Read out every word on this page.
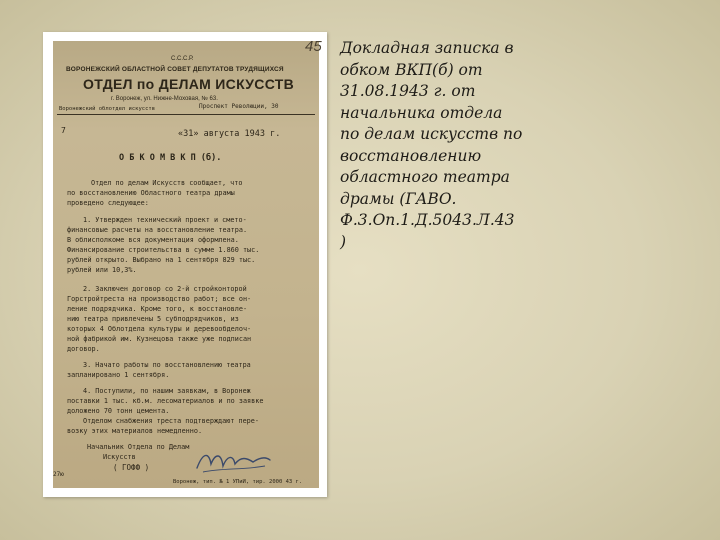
45
С.С.С.Р.
ВОРОНЕЖСКИЙ ОБЛАСТНОЙ СОВЕТ ДЕПУТАТОВ ТРУДЯЩИХСЯ
ОТДЕЛ по ДЕЛАМ ИСКУССТВ
г. Воронеж, ул. Нижне-Моховая, № 63.
Воронежский облотдел искусств	Проспект Революции, 30
7	«31» августа 1943 г.
О Б К О М В К П (б).
Отдел по делам Искусств сообщает, что
по восстановлению Областного театра драмы
проведено следующее:
1. Утвержден технический проект и смето-
финансовые расчеты на восстановление театра.
В облисполкоме вся документация оформлена.
Финансирование строительства в сумме 1.860 тыс.
рублей открыто. Выбрано на 1 сентября 829 тыс.
рублей или 10,3%.
2. Заключен договор со 2-й стройконторой
Горстройтреста на производство работ; все он-
ление подрядчика. Кроме того, к восстановле-
нию театра привлечены 5 субподрядчиков, из
которых 4 Облотдела культуры и деревообделоч-
ной фабрикой им. Кузнецова также уже подписан
договор.
3. Начато работы по восстановлению театра
запланировано 1 сентября.
4. Поступили, по нашим заявкам, в Воронеж
поставки 1 тыс. кб.м. лесоматериалов и по заявке
доложено 70 тонн цемента.
Отделом снабжения треста подтверждают пере-
возку этих материалов немедленно.
Начальник Отдела по Делам
Искусств
( ГОФФ )
27ю
Воронеж, тип. № 1 УПиИ, тир. 2000 43 г.
Докладная записка в
обком ВКП(б) от
31.08.1943 г. от
начальника отдела
по делам искусств по
восстановлению
областного театра
драмы (ГАВО.
Ф.3.Оп.1.Д.5043.Л.43
)
